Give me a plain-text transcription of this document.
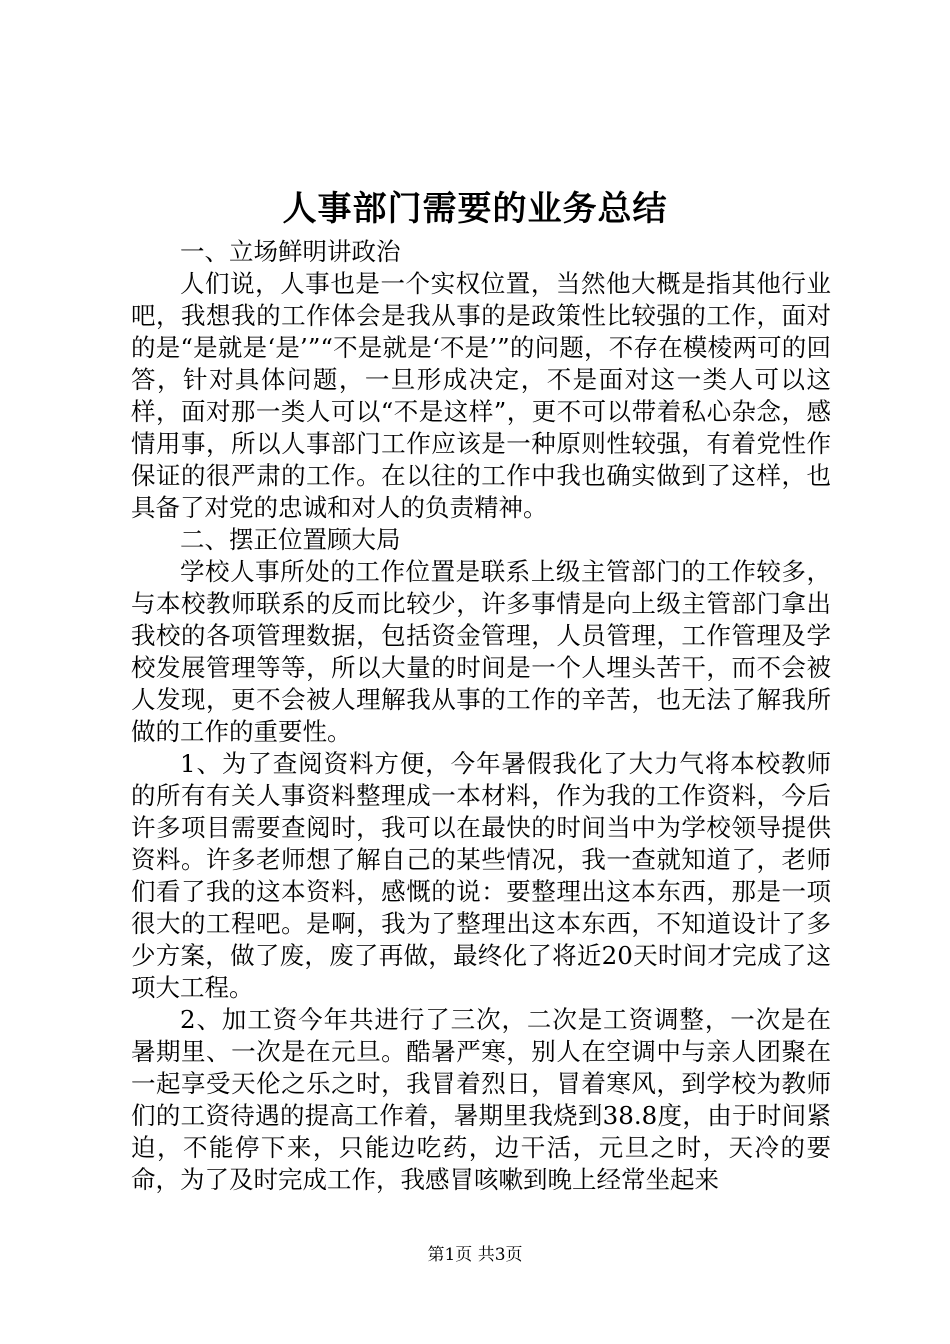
人事部门需要的业务总结

一、立场鲜明讲政治

人们说，人事也是一个实权位置，当然他大概是指其他行业吧，我想我的工作体会是我从事的是政策性比较强的工作，面对的是“是就是‘是’”“不是就是‘不是’”的问题，不存在模棱两可的回答，针对具体问题，一旦形成决定，不是面对这一类人可以这样，面对那一类人可以“不是这样”，更不可以带着私心杂念，感情用事，所以人事部门工作应该是一种原则性较强，有着党性作保证的很严肃的工作。在以往的工作中我也确实做到了这样，也具备了对党的忠诚和对人的负责精神。

二、摆正位置顾大局

学校人事所处的工作位置是联系上级主管部门的工作较多，与本校教师联系的反而比较少，许多事情是向上级主管部门拿出我校的各项管理数据，包括资金管理，人员管理，工作管理及学校发展管理等等，所以大量的时间是一个人埋头苦干，而不会被人发现，更不会被人理解我从事的工作的辛苦，也无法了解我所做的工作的重要性。

1、为了查阅资料方便，今年暑假我化了大力气将本校教师的所有有关人事资料整理成一本材料，作为我的工作资料，今后许多项目需要查阅时，我可以在最快的时间当中为学校领导提供资料。许多老师想了解自己的某些情况，我一查就知道了，老师们看了我的这本资料，感慨的说：要整理出这本东西，那是一项很大的工程吧。是啊，我为了整理出这本东西，不知道设计了多少方案，做了废，废了再做，最终化了将近20天时间才完成了这项大工程。

2、加工资今年共进行了三次，二次是工资调整，一次是在暑期里、一次是在元旦。酷暑严寒，别人在空调中与亲人团聚在一起享受天伦之乐之时，我冒着烈日，冒着寒风，到学校为教师们的工资待遇的提高工作着，暑期里我烧到38.8度，由于时间紧迫，不能停下来，只能边吃药，边干活，元旦之时，天冷的要命，为了及时完成工作，我感冒咳嗽到晚上经常坐起来

第1页 共3页
